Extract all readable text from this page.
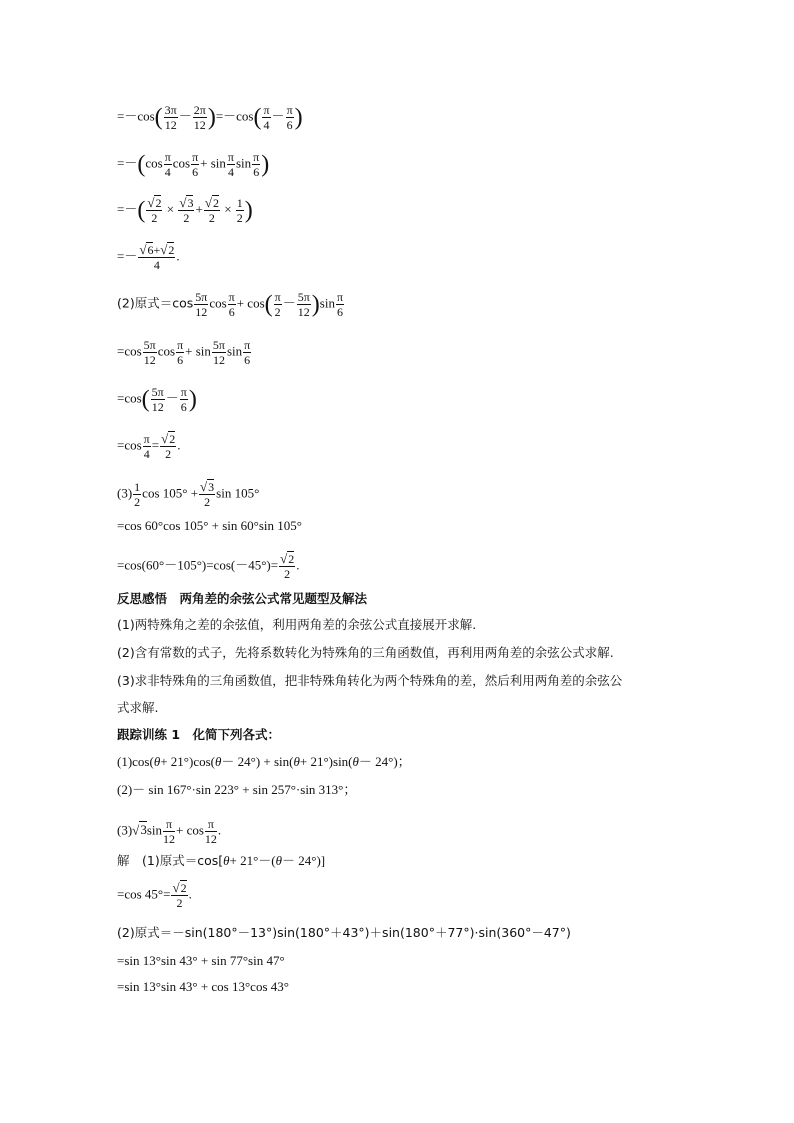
$=-\cos( \frac{3\pi}{12} - \frac{2\pi}{12} )=-\cos( \frac{\pi}{4} - \frac{\pi}{6}$ )
$=-(\cos \frac{\pi}{4}$ $\cos \frac{\pi}{6} + \sin \frac{\pi}{4}$ $\sin \frac{\pi}{6}$ )
=－( $\frac{√2}{2} \times \frac{√3}{2} + \frac{√2}{2} \times \frac{1}{2}$ )
=－ $\frac{√6+√2}{4}$ .
(2)原式$=\cos \frac{5\pi}{12}$ $\cos \frac{\pi}{6} + \cos( \frac{\pi}{2} - \frac{5\pi}{12} )\sin \frac{\pi}{6}$
$=\cos \frac{5\pi}{12}$ $\cos \frac{\pi}{6} + \sin \frac{5\pi}{12}$ $\sin \frac{\pi}{6}$
$=\cos( \frac{5\pi}{12} - \frac{\pi}{6}$ )
$=\cos \frac{\pi}{4} = \frac{√2}{2}$ .
$(3) \frac{1}{2}$ $\cos 105^\circ + \frac{√3}{2}$ sin 105°
=cos 60°cos 105° + sin 60°sin 105°
$=\cos(60^\circ-105^\circ)=\cos(-45^\circ)= \frac{√2}{2}$ .
反思感悟　两角差的余弦公式常见题型及解法
(1)两特殊角之差的余弦值，利用两角差的余弦公式直接展开求解.
(2)含有常数的式子，先将系数转化为特殊角的三角函数值，再利用两角差的余弦公式求解.
(3)求非特殊角的三角函数值，把非特殊角转化为两个特殊角的差，然后利用两角差的余弦公
式求解.
跟踪训练 1　化简下列各式：
(1)cos(θ+ 21°)cos(θ－ 24°) + sin(θ+ 21°)sin(θ－ 24°)；
(2)－ sin 167°·sin 223° + sin 257°·sin 313°；
$(3)√3\sin \frac{\pi}{12} + \cos \frac{\pi}{12}$ .
解　(1)原式＝cos[θ+ 21°－(θ－ 24°)]
=cos $45^\circ= \frac{√2}{2}$ .
(2)原式＝－sin(180°－13°)sin(180°＋43°)＋sin(180°＋77°)·sin(360°－47°)
=sin 13°sin 43° + sin 77°sin 47°
=sin 13°sin 43° + cos 13°cos 43°
